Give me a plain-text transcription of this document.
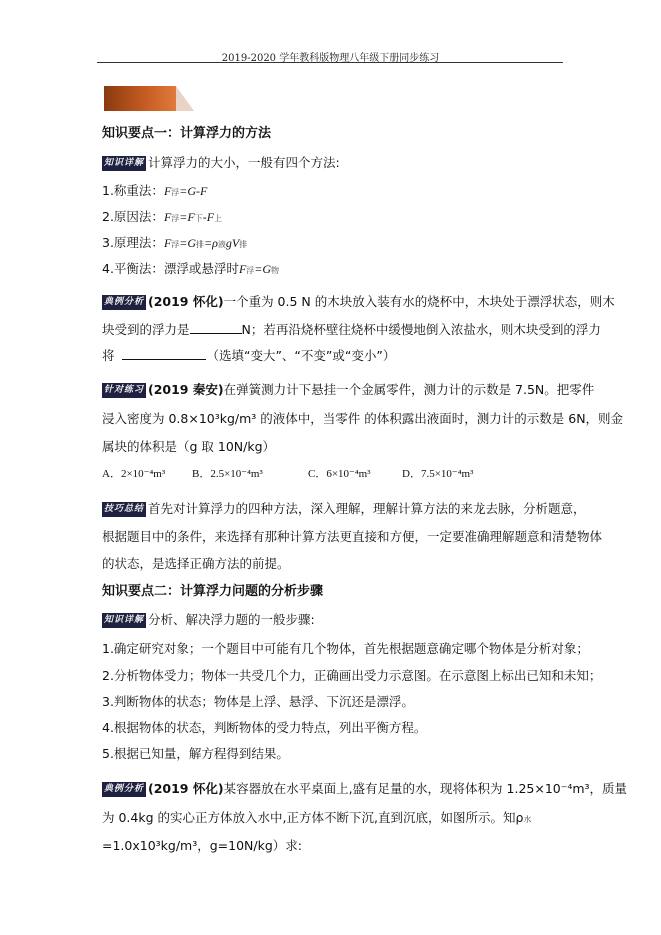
2019-2020 学年教科版物理八年级下册同步练习
知识要点一：计算浮力的方法
知识详解 计算浮力的大小，一般有四个方法:
1.称重法：F浮=G-F
2.原因法：F浮=F下-F上
3.原理法：F浮=G排=ρ液gV排
4.平衡法：漂浮或悬浮时F浮=G物
典例分析 (2019 怀化)一个重为 0.5 N 的木块放入装有水的烧杯中，木块处于漂浮状态，则木
块受到的浮力是	N；若再沿烧杯壁往烧杯中缓慢地倒入浓盐水，则木块受到的浮力
将	（选填“变大”、“不变”或“变小”）
针对练习 (2019 秦安)在弹簧测力计下悬挂一个金属零件，测力计的示数是 7.5N。把零件
浸入密度为 0.8×10³kg/m³ 的液体中，当零件 的体积露出液面时，测力计的示数是 6N，则金
属块的体积是（g 取 10N/kg）
A．2×10⁻⁴m³ B．2.5×10⁻⁴m³	C．6×10⁻⁴m³	D．7.5×10⁻⁴m³
技巧总结 首先对计算浮力的四种方法，深入理解，理解计算方法的来龙去脉，分析题意，
根据题目中的条件，来选择有那种计算方法更直接和方便，一定要准确理解题意和清楚物体
的状态，是选择正确方法的前提。
知识要点二：计算浮力问题的分析步骤
知识详解 分析、解决浮力题的一般步骤:
1.确定研究对象；一个题目中可能有几个物体，首先根据题意确定哪个物体是分析对象；
2.分析物体受力；物体一共受几个力，正确画出受力示意图。在示意图上标出已知和未知；
3.判断物体的状态；物体是上浮、悬浮、下沉还是漂浮。
4.根据物体的状态，判断物体的受力特点，列出平衡方程。
5.根据已知量，解方程得到结果。
典例分析 (2019 怀化)某容器放在水平桌面上,盛有足量的水，现将体积为 1.25×10⁻⁴m³，质量
为 0.4kg 的实心正方体放入水中,正方体不断下沉,直到沉底，如图所示。知ρ水
=1.0x10³kg/m³，g=10N/kg）求:
